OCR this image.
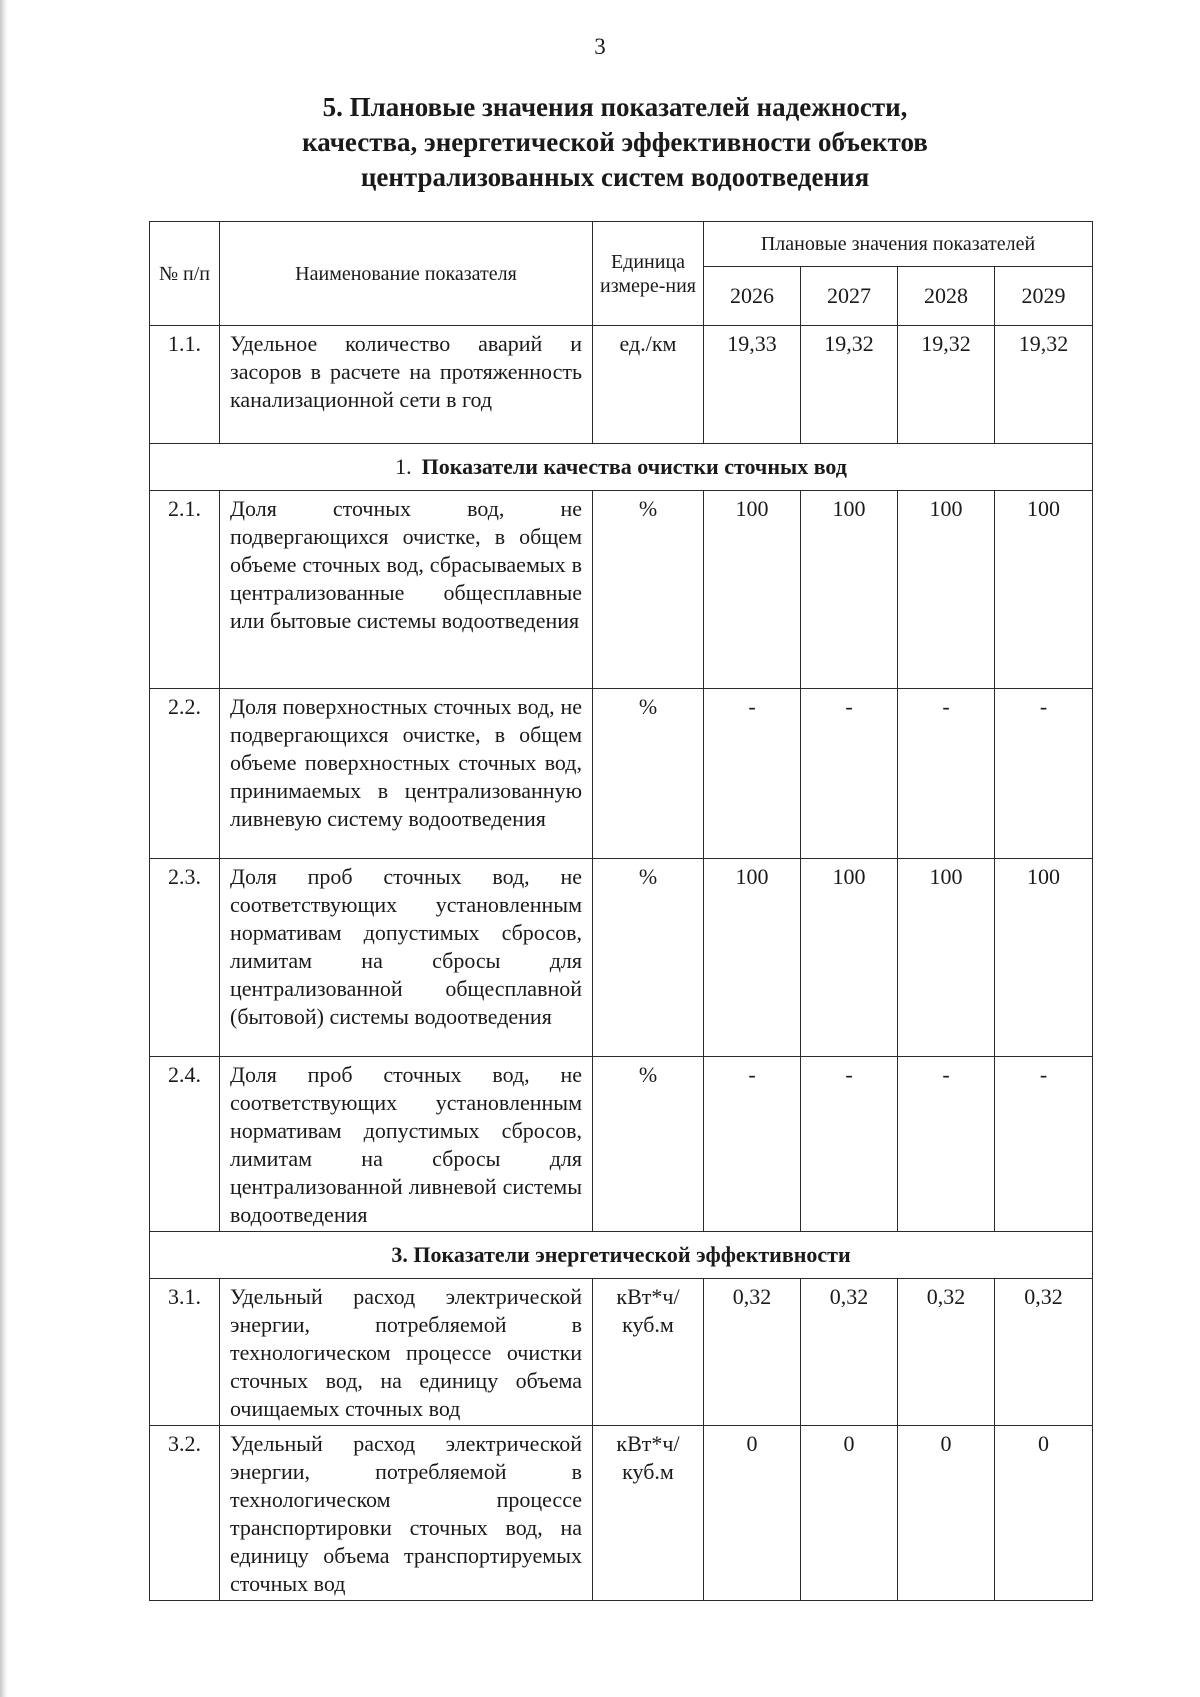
3
5. Плановые значения показателей надежности,
качества, энергетической эффективности объектов
централизованных систем водоотведения
№ п/п	Наименование показателя	Единица измере-ния	Плановые значения показателей			
			2026	2027	2028	2029
1.1.	Удельное количество аварий и засоров в расчете на протяженность канализационной сети в год	ед./км	19,33	19,32	19,32	19,32
1. Показатели качества очистки сточных вод						
2.1.	Доля сточных вод, не подвергающихся очистке, в общем объеме сточных вод, сбрасываемых в централизованные общесплавные или бытовые системы водоотведения	%	100	100	100	100
2.2.	Доля поверхностных сточных вод, не подвергающихся очистке, в общем объеме поверхностных сточных вод, принимаемых в централизованную ливневую систему водоотведения	%	-	-	-	-
2.3.	Доля проб сточных вод, не соответствующих установленным нормативам допустимых сбросов, лимитам на сбросы для централизованной общесплавной (бытовой) системы водоотведения	%	100	100	100	100
2.4.	Доля проб сточных вод, не соответствующих установленным нормативам допустимых сбросов, лимитам на сбросы для централизованной ливневой системы водоотведения	%	-	-	-	-
3. Показатели энергетической эффективности						
3.1.	Удельный расход электрической энергии, потребляемой в технологическом процессе очистки сточных вод, на единицу объема очищаемых сточных вод	кВт*ч/ куб.м	0,32	0,32	0,32	0,32
3.2.	Удельный расход электрической энергии, потребляемой в технологическом процессе транспортировки сточных вод, на единицу объема транспортируемых сточных вод	кВт*ч/ куб.м	0	0	0	0
